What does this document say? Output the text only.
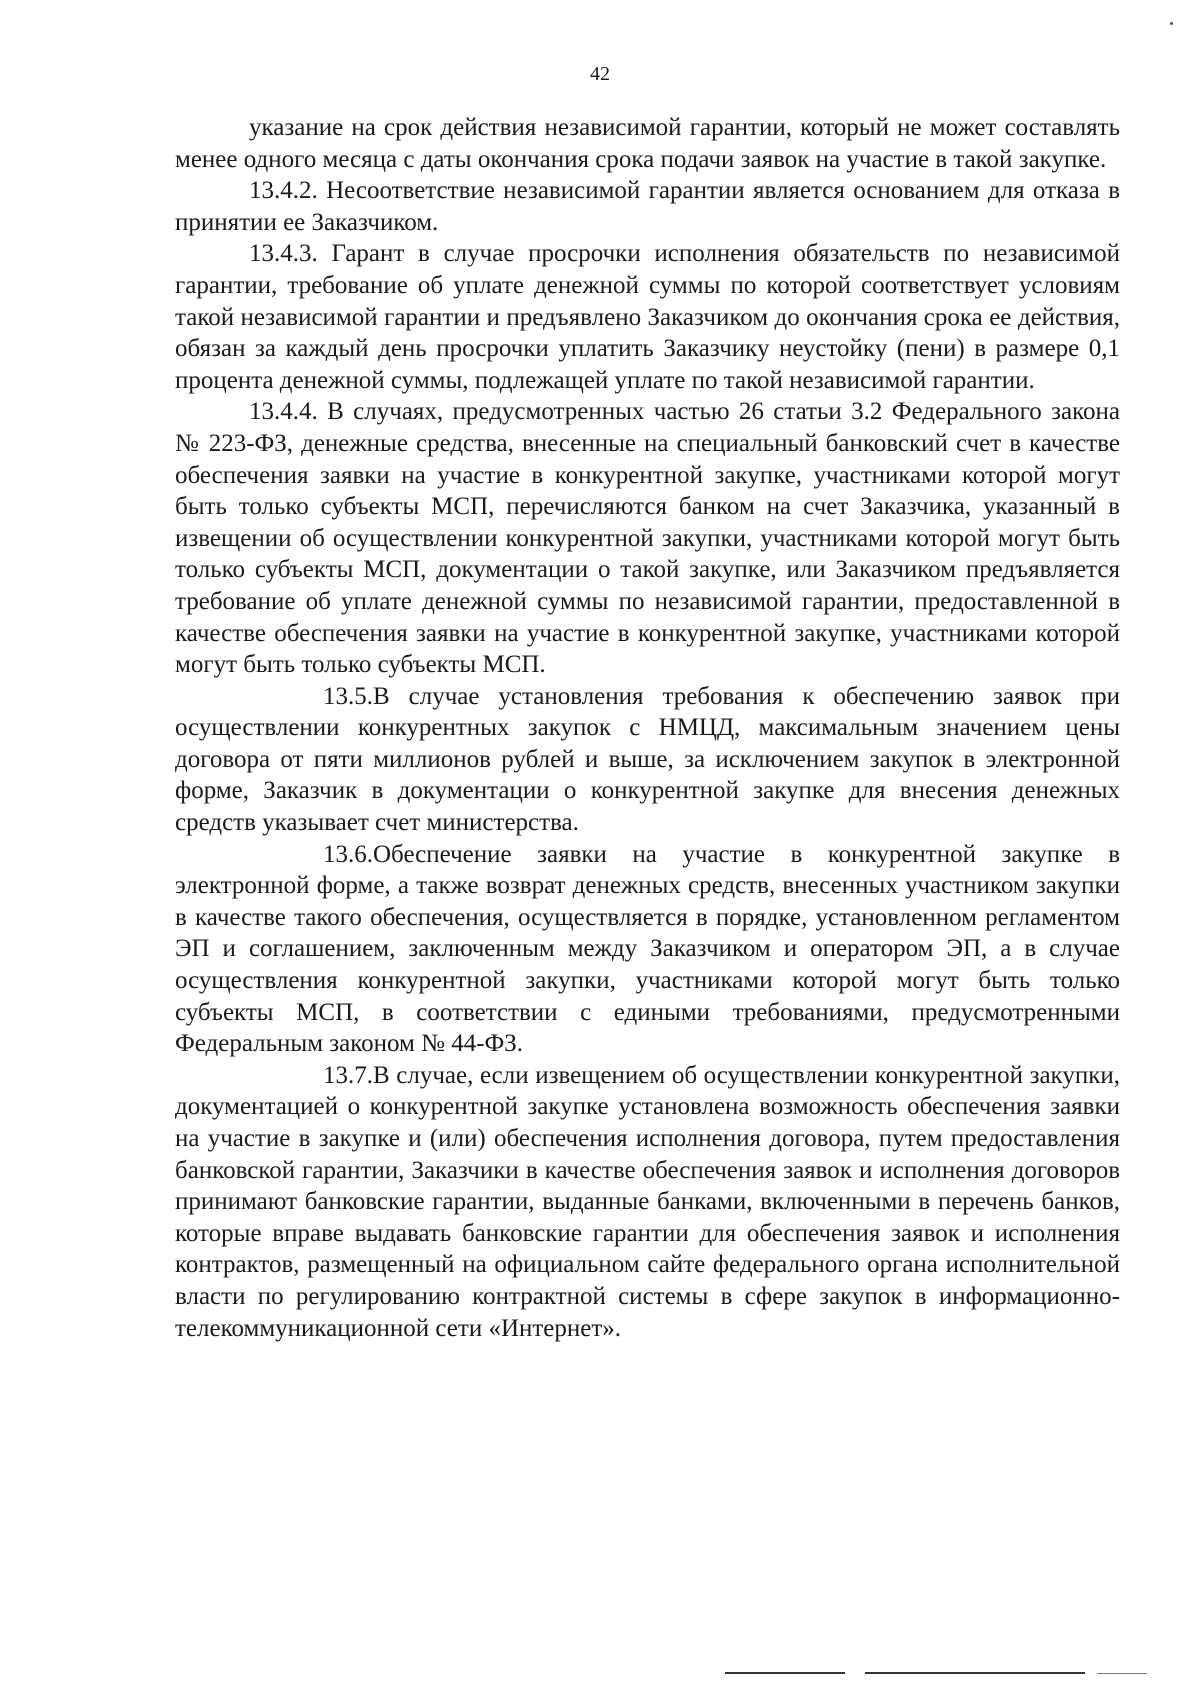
42

указание на срок действия независимой гарантии, который не может составлять менее одного месяца с даты окончания срока подачи заявок на участие в такой закупке.

13.4.2. Несоответствие независимой гарантии является основанием для отказа в принятии ее Заказчиком.

13.4.3. Гарант в случае просрочки исполнения обязательств по независимой гарантии, требование об уплате денежной суммы по которой соответствует условиям такой независимой гарантии и предъявлено Заказчиком до окончания срока ее действия, обязан за каждый день просрочки уплатить Заказчику неустойку (пени) в размере 0,1 процента денежной суммы, подлежащей уплате по такой независимой гарантии.

13.4.4. В случаях, предусмотренных частью 26 статьи 3.2 Федерального закона № 223-ФЗ, денежные средства, внесенные на специальный банковский счет в качестве обеспечения заявки на участие в конкурентной закупке, участниками которой могут быть только субъекты МСП, перечисляются банком на счет Заказчика, указанный в извещении об осуществлении конкурентной закупки, участниками которой могут быть только субъекты МСП, документации о такой закупке, или Заказчиком предъявляется требование об уплате денежной суммы по независимой гарантии, предоставленной в качестве обеспечения заявки на участие в конкурентной закупке, участниками которой могут быть только субъекты МСП.

13.5.В случае установления требования к обеспечению заявок при осуществлении конкурентных закупок с НМЦД, максимальным значением цены договора от пяти миллионов рублей и выше, за исключением закупок в электронной форме, Заказчик в документации о конкурентной закупке для внесения денежных средств указывает счет министерства.

13.6.Обеспечение заявки на участие в конкурентной закупке в электронной форме, а также возврат денежных средств, внесенных участником закупки в качестве такого обеспечения, осуществляется в порядке, установленном регламентом ЭП и соглашением, заключенным между Заказчиком и оператором ЭП, а в случае осуществления конкурентной закупки, участниками которой могут быть только субъекты МСП, в соответствии с едиными требованиями, предусмотренными Федеральным законом № 44-ФЗ.

13.7.В случае, если извещением об осуществлении конкурентной закупки, документацией о конкурентной закупке установлена возможность обеспечения заявки на участие в закупке и (или) обеспечения исполнения договора, путем предоставления банковской гарантии, Заказчики в качестве обеспечения заявок и исполнения договоров принимают банковские гарантии, выданные банками, включенными в перечень банков, которые вправе выдавать банковские гарантии для обеспечения заявок и исполнения контрактов, размещенный на официальном сайте федерального органа исполнительной власти по регулированию контрактной системы в сфере закупок в информационно-телекоммуникационной сети «Интернет».
